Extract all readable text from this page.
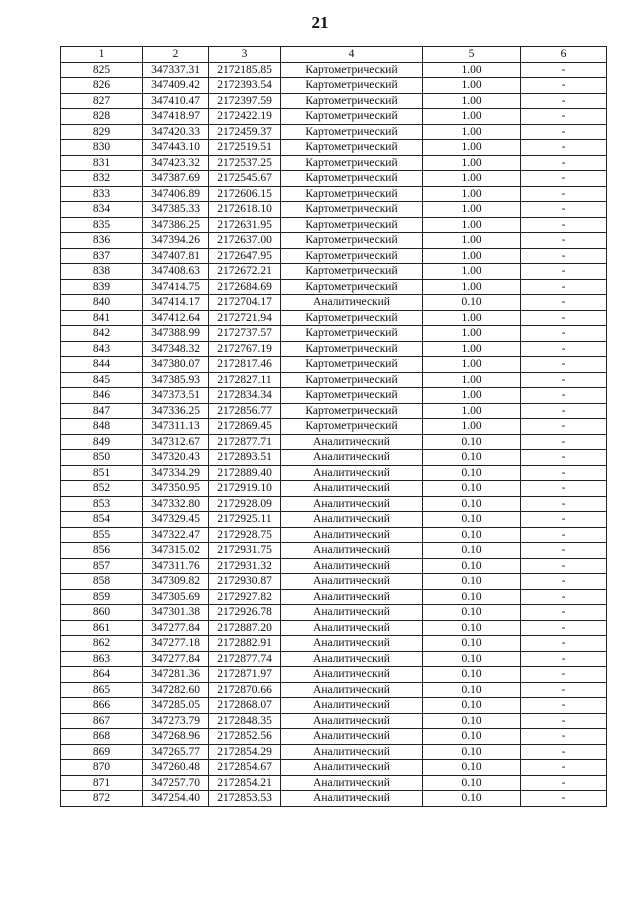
21
1	2	3	4	5	6
825	347337.31	2172185.85	Картометрический	1.00	-
826	347409.42	2172393.54	Картометрический	1.00	-
827	347410.47	2172397.59	Картометрический	1.00	-
828	347418.97	2172422.19	Картометрический	1.00	-
829	347420.33	2172459.37	Картометрический	1.00	-
830	347443.10	2172519.51	Картометрический	1.00	-
831	347423.32	2172537.25	Картометрический	1.00	-
832	347387.69	2172545.67	Картометрический	1.00	-
833	347406.89	2172606.15	Картометрический	1.00	-
834	347385.33	2172618.10	Картометрический	1.00	-
835	347386.25	2172631.95	Картометрический	1.00	-
836	347394.26	2172637.00	Картометрический	1.00	-
837	347407.81	2172647.95	Картометрический	1.00	-
838	347408.63	2172672.21	Картометрический	1.00	-
839	347414.75	2172684.69	Картометрический	1.00	-
840	347414.17	2172704.17	Аналитический	0.10	-
841	347412.64	2172721.94	Картометрический	1.00	-
842	347388.99	2172737.57	Картометрический	1.00	-
843	347348.32	2172767.19	Картометрический	1.00	-
844	347380.07	2172817.46	Картометрический	1.00	-
845	347385.93	2172827.11	Картометрический	1.00	-
846	347373.51	2172834.34	Картометрический	1.00	-
847	347336.25	2172856.77	Картометрический	1.00	-
848	347311.13	2172869.45	Картометрический	1.00	-
849	347312.67	2172877.71	Аналитический	0.10	-
850	347320.43	2172893.51	Аналитический	0.10	-
851	347334.29	2172889.40	Аналитический	0.10	-
852	347350.95	2172919.10	Аналитический	0.10	-
853	347332.80	2172928.09	Аналитический	0.10	-
854	347329.45	2172925.11	Аналитический	0.10	-
855	347322.47	2172928.75	Аналитический	0.10	-
856	347315.02	2172931.75	Аналитический	0.10	-
857	347311.76	2172931.32	Аналитический	0.10	-
858	347309.82	2172930.87	Аналитический	0.10	-
859	347305.69	2172927.82	Аналитический	0.10	-
860	347301.38	2172926.78	Аналитический	0.10	-
861	347277.84	2172887.20	Аналитический	0.10	-
862	347277.18	2172882.91	Аналитический	0.10	-
863	347277.84	2172877.74	Аналитический	0.10	-
864	347281.36	2172871.97	Аналитический	0.10	-
865	347282.60	2172870.66	Аналитический	0.10	-
866	347285.05	2172868.07	Аналитический	0.10	-
867	347273.79	2172848.35	Аналитический	0.10	-
868	347268.96	2172852.56	Аналитический	0.10	-
869	347265.77	2172854.29	Аналитический	0.10	-
870	347260.48	2172854.67	Аналитический	0.10	-
871	347257.70	2172854.21	Аналитический	0.10	-
872	347254.40	2172853.53	Аналитический	0.10	-
